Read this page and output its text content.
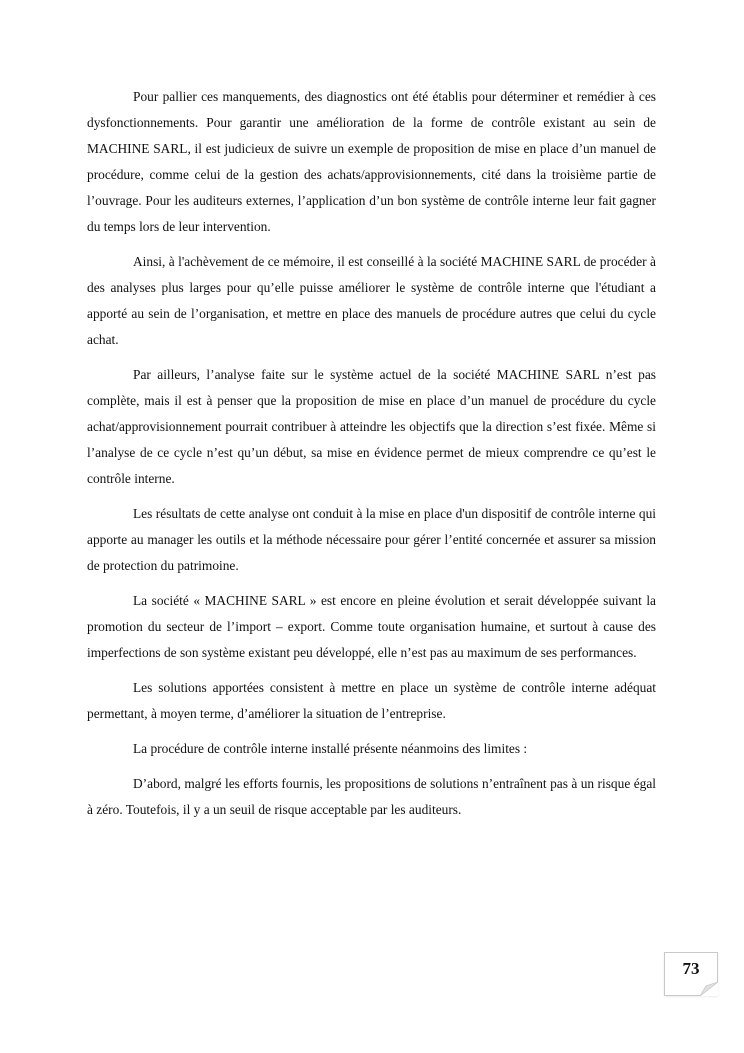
Pour pallier ces manquements, des diagnostics ont été établis pour déterminer et remédier à ces dysfonctionnements. Pour garantir une amélioration de la forme de contrôle existant au sein de MACHINE SARL, il est judicieux de suivre un exemple de proposition de mise en place d’un manuel de procédure, comme celui de la gestion des achats/approvisionnements, cité dans la troisième partie de l’ouvrage. Pour les auditeurs externes, l’application d’un bon système de contrôle interne leur fait gagner du temps lors de leur intervention.

Ainsi, à l'achèvement de ce mémoire, il est conseillé à la société MACHINE SARL de procéder à des analyses plus larges pour qu’elle puisse améliorer le système de contrôle interne que l'étudiant a apporté au sein de l’organisation, et mettre en place des manuels de procédure autres que celui du cycle achat.

Par ailleurs, l’analyse faite sur le système actuel de la société MACHINE SARL n’est pas complète, mais il est à penser que la proposition de mise en place d’un manuel de procédure du cycle achat/approvisionnement pourrait contribuer à atteindre les objectifs que la direction s’est fixée. Même si l’analyse de ce cycle n’est qu’un début, sa mise en évidence permet de mieux comprendre ce qu’est le contrôle interne.

Les résultats de cette analyse ont conduit à la mise en place d'un dispositif de contrôle interne qui apporte au manager les outils et la méthode nécessaire pour gérer l’entité concernée et assurer sa mission de protection du patrimoine.

La société « MACHINE SARL » est encore en pleine évolution et serait développée suivant la promotion du secteur de l’import – export. Comme toute organisation humaine, et surtout à cause des imperfections de son système existant peu développé, elle n’est pas au maximum de ses performances.

Les solutions apportées consistent à mettre en place un système de contrôle interne adéquat permettant, à moyen terme, d’améliorer la situation de l’entreprise.

La procédure de contrôle interne installé présente néanmoins des limites :

D’abord, malgré les efforts fournis, les propositions de solutions n’entraînent pas à un risque égal à zéro. Toutefois, il y a un seuil de risque acceptable par les auditeurs.

73
